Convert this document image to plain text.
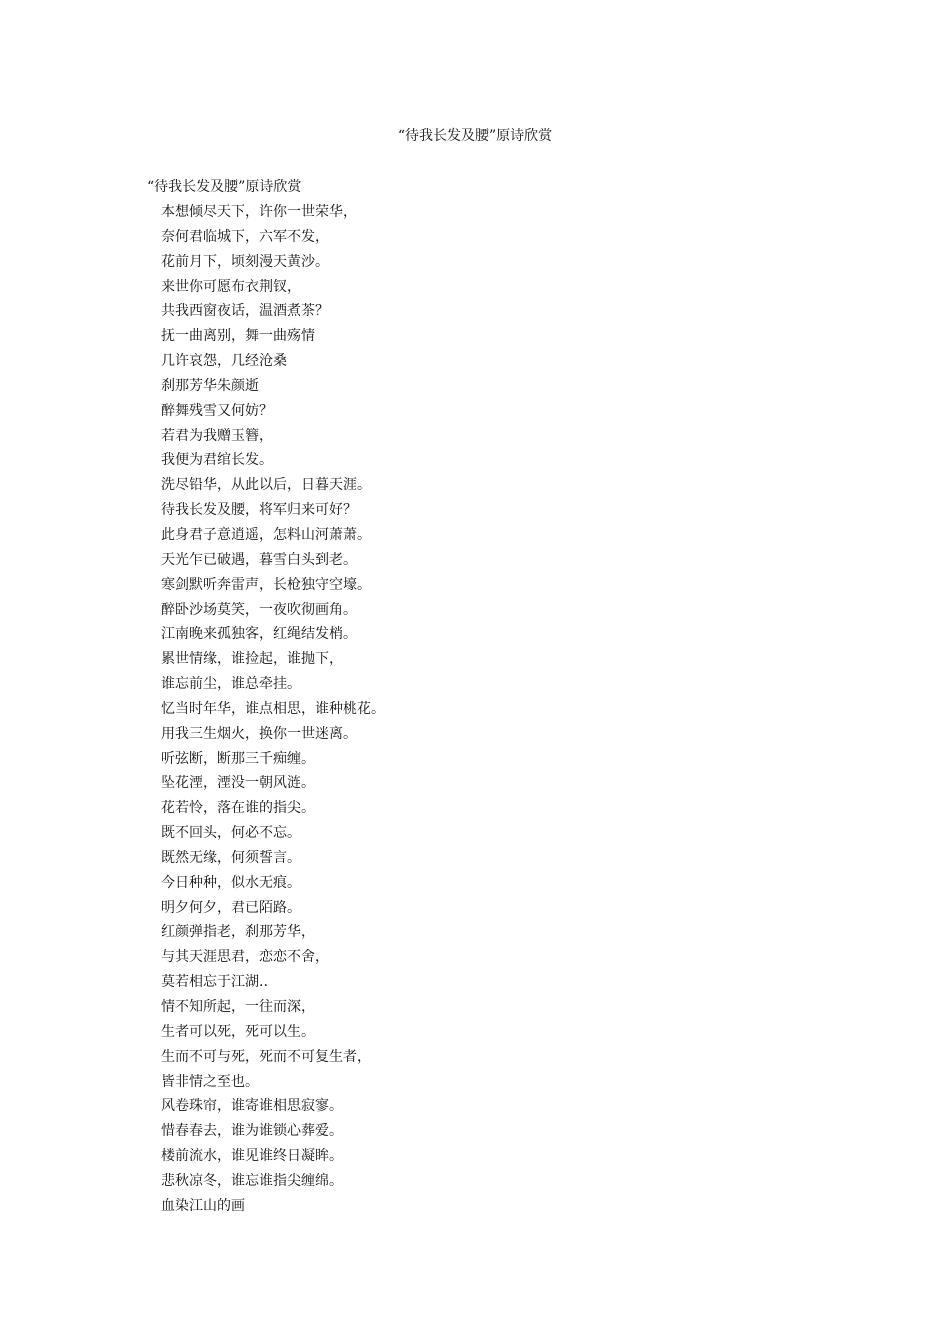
“待我长发及腰”原诗欣赏
“待我长发及腰”原诗欣赏
本想倾尽天下，许你一世荣华，
奈何君临城下，六军不发，
花前月下，顷刻漫天黄沙。
来世你可愿布衣荆钗，
共我西窗夜话，温酒煮茶？
抚一曲离别，舞一曲殇情
几许哀怨，几经沧桑
刹那芳华朱颜逝
醉舞残雪又何妨？
若君为我赠玉簪，
我便为君绾长发。
洗尽铅华，从此以后，日暮天涯。
待我长发及腰，将军归来可好？
此身君子意逍遥，怎料山河萧萧。
天光乍已破遇，暮雪白头到老。
寒剑默听奔雷声，长枪独守空壕。
醉卧沙场莫笑，一夜吹彻画角。
江南晚来孤独客，红绳结发梢。
累世情缘，谁捡起，谁抛下，
谁忘前尘，谁总牵挂。
忆当时年华，谁点相思，谁种桃花。
用我三生烟火，换你一世迷离。
听弦断，断那三千痴缠。
坠花湮，湮没一朝风涟。
花若怜，落在谁的指尖。
既不回头，何必不忘。
既然无缘，何须誓言。
今日种种，似水无痕。
明夕何夕，君已陌路。
红颜弹指老，刹那芳华，
与其天涯思君，恋恋不舍，
莫若相忘于江湖..
情不知所起，一往而深，
生者可以死，死可以生。
生而不可与死，死而不可复生者，
皆非情之至也。
风卷珠帘，谁寄谁相思寂寥。
惜春春去，谁为谁锁心葬爱。
楼前流水，谁见谁终日凝眸。
悲秋凉冬，谁忘谁指尖缠绵。
血染江山的画
